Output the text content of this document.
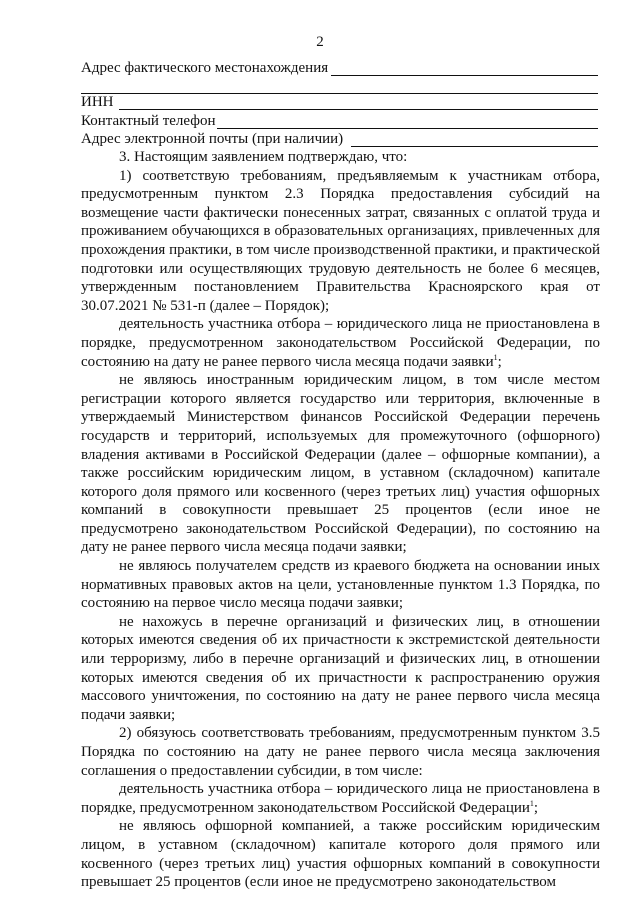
2
Адрес фактического местонахождения
ИНН
Контактный телефон
Адрес электронной почты (при наличии)

3. Настоящим заявлением подтверждаю, что:

1) соответствую требованиям, предъявляемым к участникам отбора, предусмотренным пунктом 2.3 Порядка предоставления субсидий на возмещение части фактически понесенных затрат, связанных с оплатой труда и проживанием обучающихся в образовательных организациях, привлеченных для прохождения практики, в том числе производственной практики, и практической подготовки или осуществляющих трудовую деятельность не более 6 месяцев, утвержденным постановлением Правительства Красноярского края от 30.07.2021 № 531-п (далее – Порядок);

деятельность участника отбора – юридического лица не приостановлена в порядке, предусмотренном законодательством Российской Федерации, по состоянию на дату не ранее первого числа месяца подачи заявки$^1$;

не являюсь иностранным юридическим лицом, в том числе местом регистрации которого является государство или территория, включенные в утверждаемый Министерством финансов Российской Федерации перечень государств и территорий, используемых для промежуточного (офшорного) владения активами в Российской Федерации (далее – офшорные компании), а также российским юридическим лицом, в уставном (складочном) капитале которого доля прямого или косвенного (через третьих лиц) участия офшорных компаний в совокупности превышает 25 процентов (если иное не предусмотрено законодательством Российской Федерации), по состоянию на дату не ранее первого числа месяца подачи заявки;

не являюсь получателем средств из краевого бюджета на основании иных нормативных правовых актов на цели, установленные пунктом 1.3 Порядка, по состоянию на первое число месяца подачи заявки;

не нахожусь в перечне организаций и физических лиц, в отношении которых имеются сведения об их причастности к экстремистской деятельности или терроризму, либо в перечне организаций и физических лиц, в отношении которых имеются сведения об их причастности к распространению оружия массового уничтожения, по состоянию на дату не ранее первого числа месяца подачи заявки;

2) обязуюсь соответствовать требованиям, предусмотренным пунктом 3.5 Порядка по состоянию на дату не ранее первого числа месяца заключения соглашения о предоставлении субсидии, в том числе:

деятельность участника отбора – юридического лица не приостановлена в порядке, предусмотренном законодательством Российской Федерации$^1$;

не являюсь офшорной компанией, а также российским юридическим лицом, в уставном (складочном) капитале которого доля прямого или косвенного (через третьих лиц) участия офшорных компаний в совокупности превышает 25 процентов (если иное не предусмотрено законодательством
